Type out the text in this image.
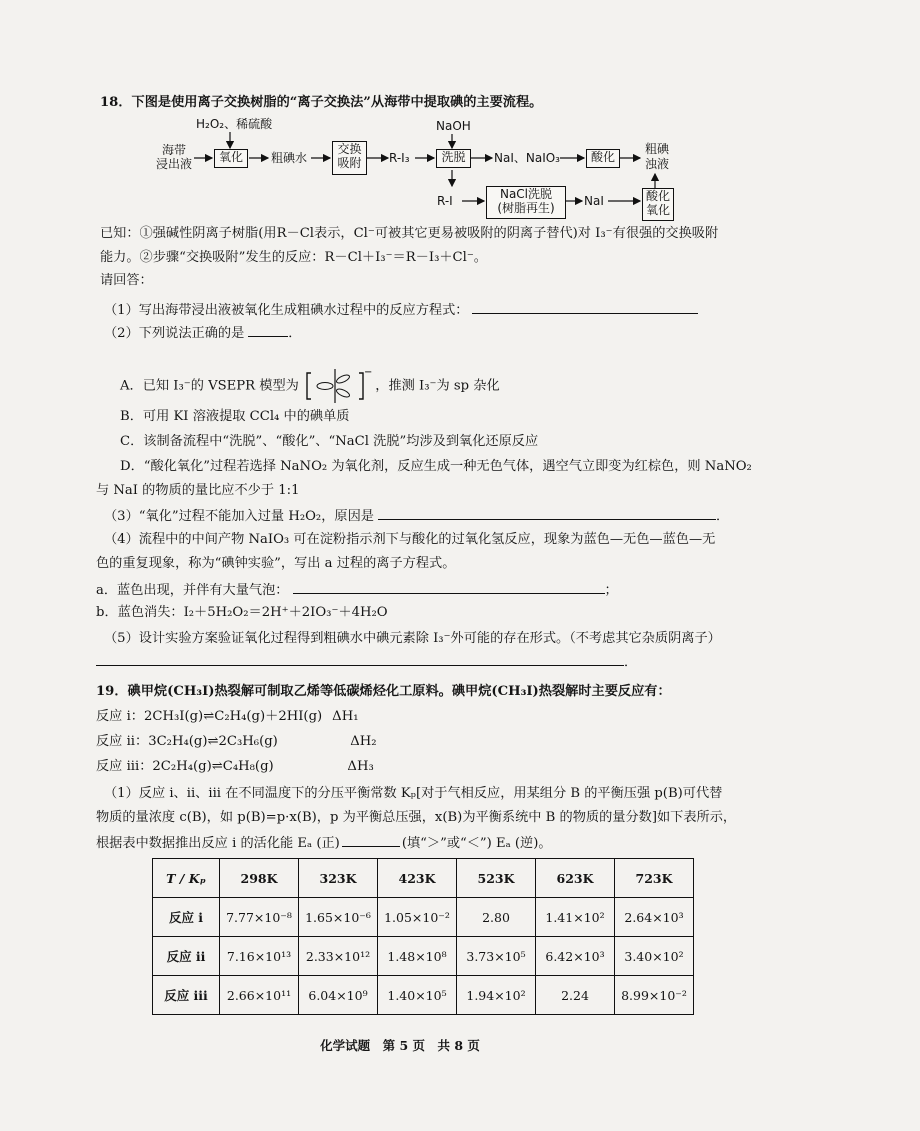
18．下图是使用离子交换树脂的“离子交换法”从海带中提取碘的主要流程。
H₂O₂、稀硫酸
海带
浸出液	氧化	粗碘水
交换
吸附	R-I₃
NaOH
洗脱	NaI、NaIO₃	酸化
粗碘
浊液
R-I	NaCl洗脱
(树脂再生)	NaI	酸化
氧化
已知：①强碱性阴离子树脂(用R－Cl表示，Cl⁻可被其它更易被吸附的阴离子替代)对 I₃⁻有很强的交换吸附
能力。②步骤“交换吸附”发生的反应：R－Cl＋I₃⁻＝R－I₃＋Cl⁻。
请回答：
（1）写出海带浸出液被氧化生成粗碘水过程中的反应方程式：
（2）下列说法正确的是	．
A．已知 I₃⁻的 VSEPR 模型为
−
，推测 I₃⁻为 sp 杂化
B．可用 KI 溶液提取 CCl₄ 中的碘单质
C．该制备流程中“洗脱”、“酸化”、“NaCl 洗脱”均涉及到氧化还原反应
D．“酸化氧化”过程若选择 NaNO₂ 为氧化剂，反应生成一种无色气体，遇空气立即变为红棕色，则 NaNO₂
与 NaI 的物质的量比应不少于 1:1
（3）“氧化”过程不能加入过量 H₂O₂，原因是	．
（4）流程中的中间产物 NaIO₃ 可在淀粉指示剂下与酸化的过氧化氢反应，现象为蓝色—无色—蓝色—无
色的重复现象，称为“碘钟实验”，写出 a 过程的离子方程式。
a．蓝色出现，并伴有大量气泡：	；
b．蓝色消失：I₂＋5H₂O₂＝2H⁺＋2IO₃⁻＋4H₂O
（5）设计实验方案验证氧化过程得到粗碘水中碘元素除 I₃⁻外可能的存在形式。（不考虑其它杂质阴离子）
．
19．碘甲烷(CH₃I)热裂解可制取乙烯等低碳烯烃化工原料。碘甲烷(CH₃I)热裂解时主要反应有：
反应 i：2CH₃I(g)⇌C₂H₄(g)＋2HI(g) ΔH₁
反应 ii：3C₂H₄(g)⇌2C₃H₆(g)	ΔH₂
反应 iii：2C₂H₄(g)⇌C₄H₈(g)	ΔH₃
（1）反应 i、ii、iii 在不同温度下的分压平衡常数 Kₚ[对于气相反应，用某组分 B 的平衡压强 p(B)可代替
物质的量浓度 c(B)，如 p(B)=p·x(B)，p 为平衡总压强，x(B)为平衡系统中 B 的物质的量分数]如下表所示，
根据表中数据推出反应 i 的活化能 Eₐ (正)	(填“＞”或“＜”) Eₐ (逆)。
T / Kₚ	298K	323K	423K	523K	623K	723K
反应 i	7.77×10⁻⁸	1.65×10⁻⁶	1.05×10⁻²	2.80	1.41×10²	2.64×10³
反应 ii	7.16×10¹³	2.33×10¹²	1.48×10⁸	3.73×10⁵	6.42×10³	3.40×10²
反应 iii	2.66×10¹¹	6.04×10⁹	1.40×10⁵	1.94×10²	2.24	8.99×10⁻²
化学试题　第 5 页　共 8 页
